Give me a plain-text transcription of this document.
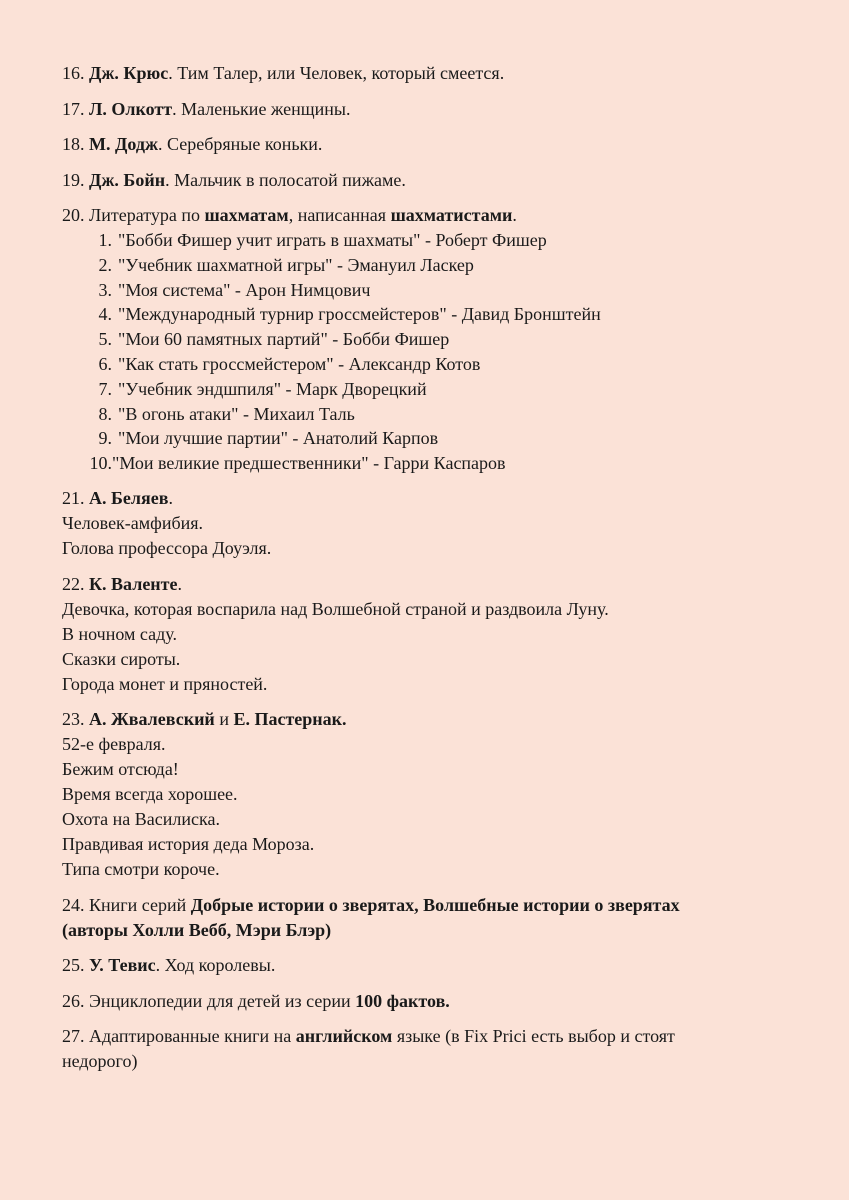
16. Дж. Крюс. Тим Талер, или Человек, который смеется.
17. Л. Олкотт. Маленькие женщины.
18. М. Додж. Серебряные коньки.
19. Дж. Бойн. Мальчик в полосатой пижаме.
20. Литература по шахматам, написанная шахматистами.
1. "Бобби Фишер учит играть в шахматы" - Роберт Фишер
2. "Учебник шахматной игры" - Эмануил Ласкер
3. "Моя система" - Арон Нимцович
4. "Международный турнир гроссмейстеров" - Давид Бронштейн
5. "Мои 60 памятных партий" - Бобби Фишер
6. "Как стать гроссмейстером" - Александр Котов
7. "Учебник эндшпиля" - Марк Дворецкий
8. "В огонь атаки" - Михаил Таль
9. "Мои лучшие партии" - Анатолий Карпов
10. "Мои великие предшественники" - Гарри Каспаров
21. А. Беляев.
Человек-амфибия.
Голова профессора Доуэля.
22. К. Валенте.
Девочка, которая воспарила над Волшебной страной и раздвоила Луну.
В ночном саду.
Сказки сироты.
Города монет и пряностей.
23. А. Жвалевский и Е. Пастернак.
52-е февраля.
Бежим отсюда!
Время всегда хорошее.
Охота на Василиска.
Правдивая история деда Мороза.
Типа смотри короче.
24. Книги серий Добрые истории о зверятах, Волшебные истории о зверятах
(авторы Холли Вебб, Мэри Блэр)
25. У. Тевис. Ход королевы.
26. Энциклопедии для детей из серии 100 фактов.
27. Адаптированные книги на английском языке (в Fix Prici есть выбор и стоят
недорого)
